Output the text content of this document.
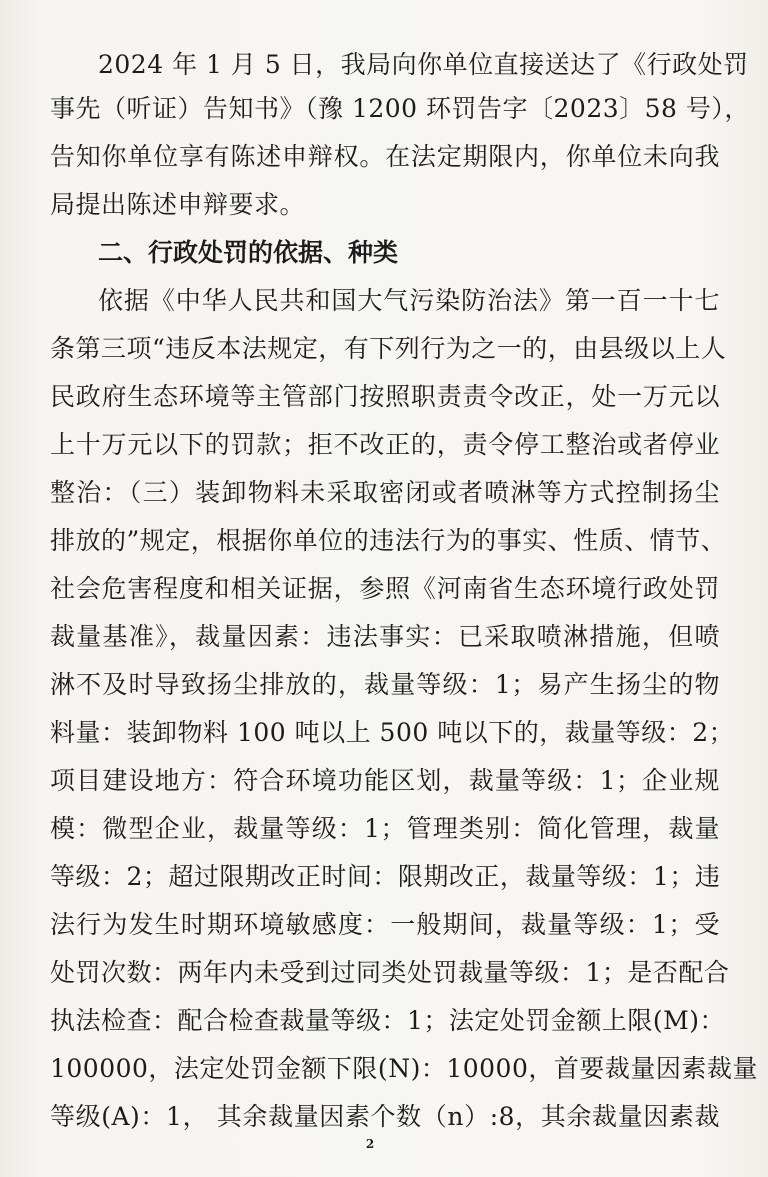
2024 年 1 月 5 日，我局向你单位直接送达了《行政处罚
事先（听证）告知书》（豫 1200 环罚告字〔2023〕58 号），
告知你单位享有陈述申辩权。在法定期限内，你单位未向我
局提出陈述申辩要求。
二、行政处罚的依据、种类
依据《中华人民共和国大气污染防治法》第一百一十七
条第三项“违反本法规定，有下列行为之一的，由县级以上人
民政府生态环境等主管部门按照职责责令改正，处一万元以
上十万元以下的罚款；拒不改正的，责令停工整治或者停业
整治：（三）装卸物料未采取密闭或者喷淋等方式控制扬尘
排放的”规定，根据你单位的违法行为的事实、性质、情节、
社会危害程度和相关证据，参照《河南省生态环境行政处罚
裁量基准》，裁量因素：违法事实：已采取喷淋措施，但喷
淋不及时导致扬尘排放的，裁量等级：1；易产生扬尘的物
料量：装卸物料 100 吨以上 500 吨以下的，裁量等级：2；
项目建设地方：符合环境功能区划，裁量等级：1；企业规
模：微型企业，裁量等级：1；管理类别：简化管理，裁量
等级：2；超过限期改正时间：限期改正，裁量等级：1；违
法行为发生时期环境敏感度：一般期间，裁量等级：1；受
处罚次数：两年内未受到过同类处罚裁量等级：1；是否配合
执法检查：配合检查裁量等级：1；法定处罚金额上限(M)：
100000，法定处罚金额下限(N)：10000，首要裁量因素裁量
等级(A)：1， 其余裁量因素个数（n）:8，其余裁量因素裁
2
